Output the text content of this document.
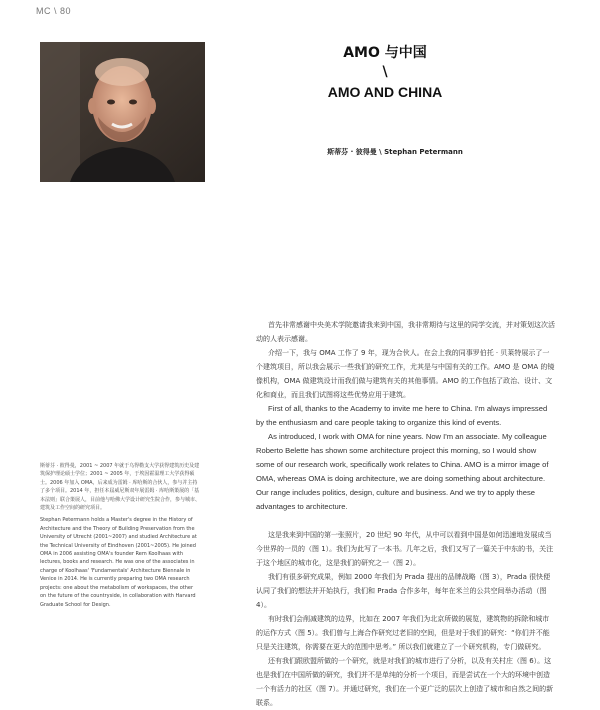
MC \ 80
AMO 与中国
\
AMO AND CHINA
斯蒂芬 · 彼得曼 \ Stephan Petermann

斯蒂芬 · 彼得曼，2001 ~ 2007 年就于乌得勒支大学获得建筑历史及建筑保护理论硕士学位；2001 ~ 2005 年，于埃因霍温理工大学获得硕士。2006 年加入 OMA，后来成为雷姆 · 库哈斯的合伙人，参与并主持了多个项目。2014 年，担任本届威尼斯双年展雷姆 · 库哈斯策展的「基本法则」联合策展人，目前他与哈佛大学设计研究生院合作，参与城市、建筑及工作空间的研究项目。

Stephan Petermann holds a Master's degree in the History of Architecture and the Theory of Building Preservation from the University of Utrecht (2001~2007) and studied Architecture at the Technical University of Eindhoven (2001~2005). He joined OMA in 2006 assisting OMA's founder Rem Koolhaas with lectures, books and research. He was one of the associates in charge of Koolhaas' 'Fundamentals' Architecture Biennale in Venice in 2014. He is currently preparing two OMA research projects: one about the metabolism of workspaces, the other on the future of the countryside, in collaboration with Harvard Graduate School for Design.

首先非常感谢中央美术学院邀请我来到中国，我非常期待与这里的同学交流，并对策划这次活动的人表示感谢。

介绍一下，我与 OMA 工作了 9 年，现为合伙人。在会上我的同事罗伯托 · 贝莱特展示了一个建筑项目，所以我会展示一些我们的研究工作，尤其是与中国有关的工作。AMO 是 OMA 的镜像机构，OMA 做建筑设计而我们做与建筑有关的其他事情。AMO 的工作包括了政治、设计、文化和商业，而且我们试图将这些优势应用于建筑。

First of all, thanks to the Academy to invite me here to China. I'm always impressed by the enthusiasm and care people taking to organize this kind of events.

As introduced, I work with OMA for nine years. Now I'm an associate. My colleague Roberto Belette has shown some architecture project this morning, so I would show some of our research work, specifically work relates to China. AMO is a mirror image of OMA, whereas OMA is doing architecture, we are doing something about architecture. Our range includes politics, design, culture and business. And we try to apply these advantages to architecture.

这是我来到中国的第一张照片，20 世纪 90 年代，从中可以看到中国是如何迅速地发展成当今世界的一员的（图 1）。我们为此写了一本书。几年之后，我们又写了一篇关于中东的书，关注于这个地区的城市化，这是我们的研究之一（图 2）。

我们有很多研究成果，例如 2000 年我们为 Prada 提出的品牌战略（图 3），Prada 很快便认同了我们的想法并开始执行，我们和 Prada 合作多年，每年在米兰的公共空间举办活动（图 4）。

有时我们会削减建筑的边界，比如在 2007 年我们为北京所做的展览，建筑物的拆除和城市的运作方式（图 5）。我们曾与上海合作研究过老旧的空间，但是对于我们的研究：“你们并不能只是关注建筑，你需要在更大的范围中思考。” 所以我们就建立了一个研究机构，专门做研究。

还有我们跟欧盟所做的一个研究，就是对我们的城市进行了分析，以及有关村庄（图 6）。这也是我们在中国所做的研究，我们并不是单纯的分析一个项目，而是尝试在一个大的环境中创造一个有活力的社区（图 7）。并通过研究，我们在一个更广泛的层次上创造了城市和自然之间的新联系。
